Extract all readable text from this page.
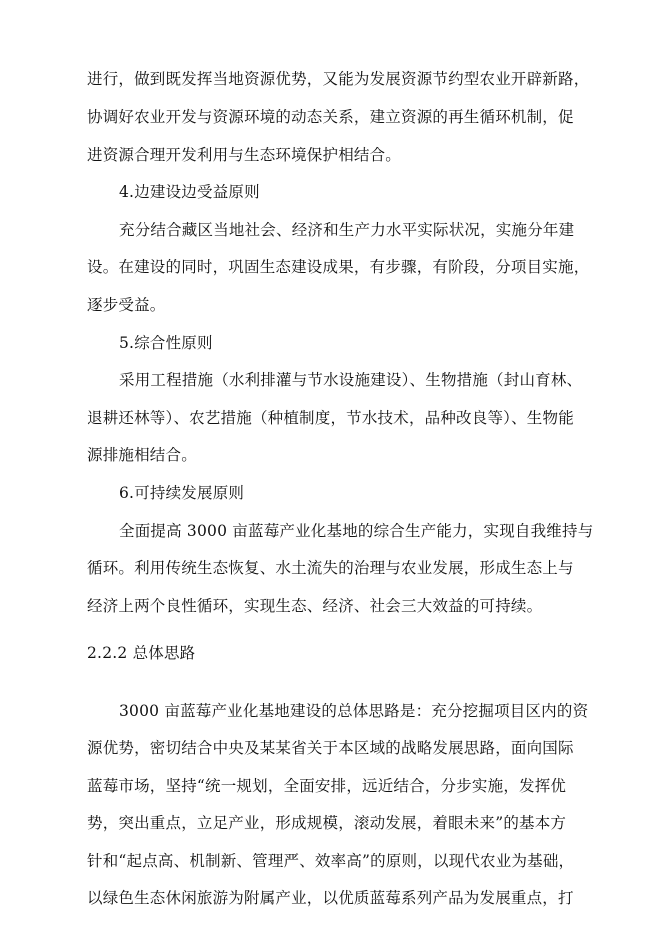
进行，做到既发挥当地资源优势，又能为发展资源节约型农业开辟新路，
协调好农业开发与资源环境的动态关系，建立资源的再生循环机制，促
进资源合理开发利用与生态环境保护相结合。
4.边建设边受益原则
充分结合藏区当地社会、经济和生产力水平实际状况，实施分年建
设。在建设的同时，巩固生态建设成果，有步骤，有阶段，分项目实施，
逐步受益。
5.综合性原则
采用工程措施（水利排灌与节水设施建设）、生物措施（封山育林、
退耕还林等）、农艺措施（种植制度，节水技术，品种改良等）、生物能
源排施相结合。
6.可持续发展原则
全面提高 3000 亩蓝莓产业化基地的综合生产能力，实现自我维持与
循环。利用传统生态恢复、水土流失的治理与农业发展，形成生态上与
经济上两个良性循环，实现生态、经济、社会三大效益的可持续。
2.2.2 总体思路
3000 亩蓝莓产业化基地建设的总体思路是：充分挖掘项目区内的资
源优势，密切结合中央及某某省关于本区域的战略发展思路，面向国际
蓝莓市场，坚持“统一规划，全面安排，远近结合，分步实施，发挥优
势，突出重点，立足产业，形成规模，滚动发展，着眼未来”的基本方
针和“起点高、机制新、管理严、效率高”的原则，以现代农业为基础，
以绿色生态休闲旅游为附属产业，以优质蓝莓系列产品为发展重点，打
